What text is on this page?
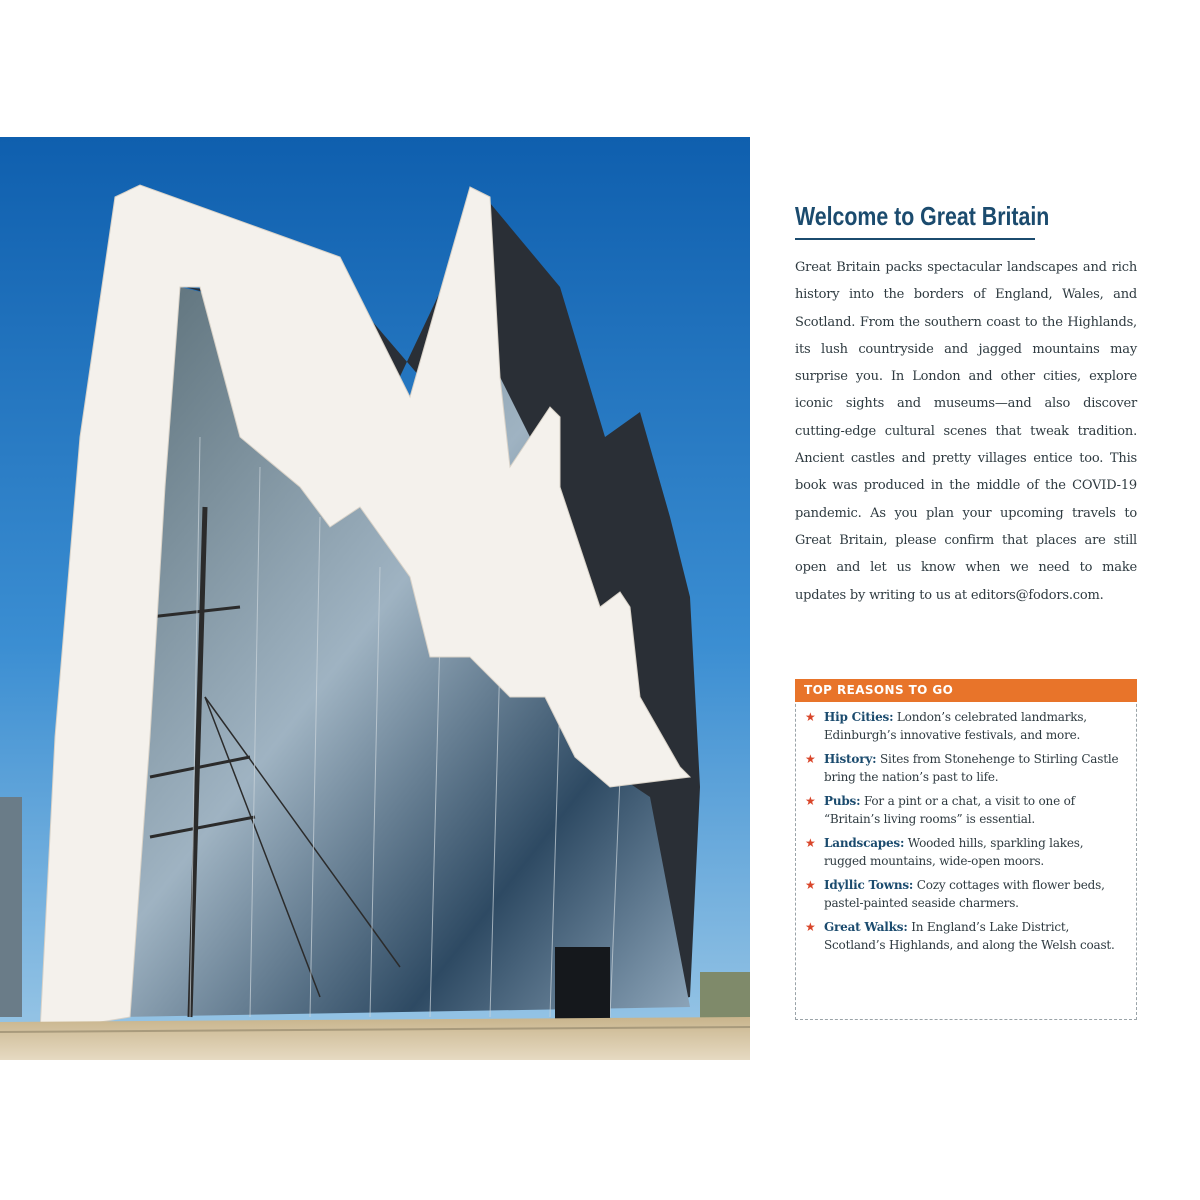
Welcome to Great Britain

Great Britain packs spectacular landscapes and rich history into the borders of England, Wales, and Scotland. From the southern coast to the Highlands, its lush countryside and jagged mountains may surprise you. In London and other cities, explore iconic sights and museums—and also discover cutting-edge cultural scenes that tweak tradition. Ancient castles and pretty villages entice too. This book was produced in the middle of the COVID-19 pandemic. As you plan your upcoming travels to Great Britain, please confirm that places are still open and let us know when we need to make updates by writing to us at editors@fodors.com.

TOP REASONS TO GO
★ Hip Cities: London’s celebrated landmarks, Edinburgh’s innovative festivals, and more.
★ History: Sites from Stonehenge to Stirling Castle bring the nation’s past to life.
★ Pubs: For a pint or a chat, a visit to one of “Britain’s living rooms” is essential.
★ Landscapes: Wooded hills, sparkling lakes, rugged mountains, wide-open moors.
★ Idyllic Towns: Cozy cottages with flower beds, pastel-painted seaside charmers.
★ Great Walks: In England’s Lake District, Scotland’s Highlands, and along the Welsh coast.
